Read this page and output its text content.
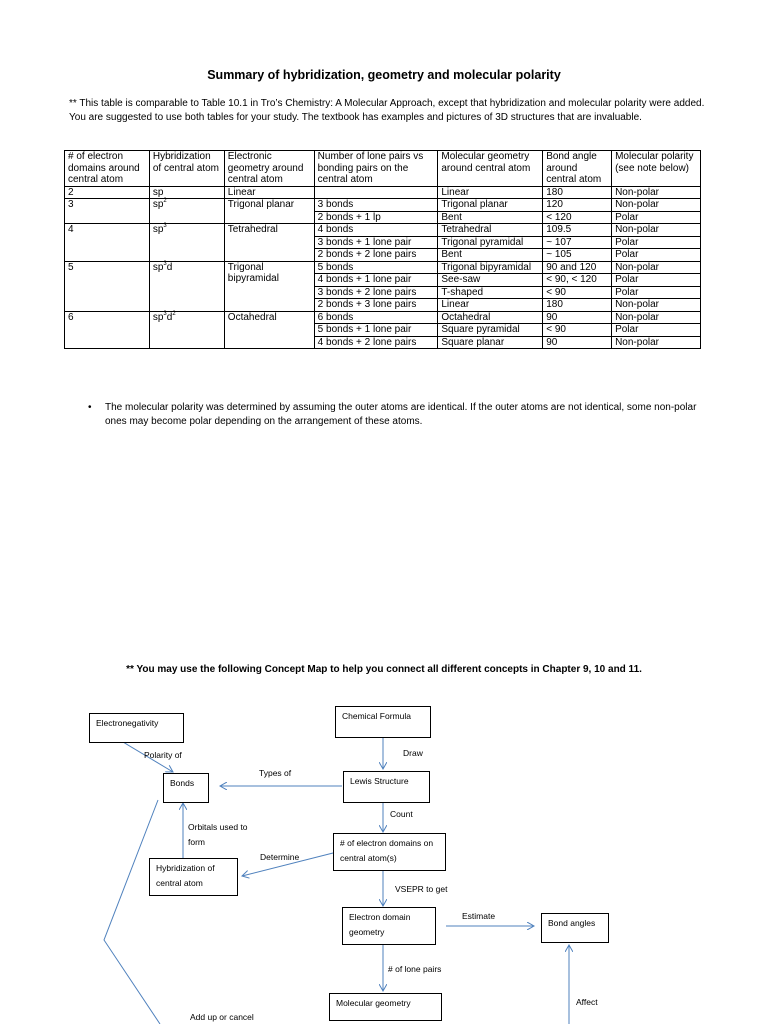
Summary of hybridization, geometry and molecular polarity
** This table is comparable to Table 10.1 in Tro’s Chemistry: A Molecular Approach, except that hybridization and molecular polarity were added. You are suggested to use both tables for your study. The textbook has examples and pictures of 3D structures that are invaluable.
# of electron domains around central atom	Hybridization of central atom	Electronic geometry around central atom	Number of lone pairs vs bonding pairs on the central atom	Molecular geometry around central atom	Bond angle around central atom	Molecular polarity (see note below)
2	sp	Linear		Linear	180	Non-polar
3	$sp^2$	Trigonal planar	3 bonds	Trigonal planar	120	Non-polar
			2 bonds + 1 lp	Bent	< 120	Polar
4	$sp^3$	Tetrahedral	4 bonds	Tetrahedral	109.5	Non-polar
			3 bonds + 1 lone pair	Trigonal pyramidal	~ 107	Polar
			2 bonds + 2 lone pairs	Bent	~ 105	Polar
5	$sp^3d$	Trigonal bipyramidal	5 bonds	Trigonal bipyramidal	90 and 120	Non-polar
			4 bonds + 1 lone pair	See-saw	< 90, < 120	Polar
			3 bonds + 2 lone pairs	T-shaped	< 90	Polar
			2 bonds + 3 lone pairs	Linear	180	Non-polar
6	$sp^3d^2$	Octahedral	6 bonds	Octahedral	90	Non-polar
			5 bonds + 1 lone pair	Square pyramidal	< 90	Polar
			4 bonds + 2 lone pairs	Square planar	90	Non-polar
• The molecular polarity was determined by assuming the outer atoms are identical. If the outer atoms are not identical, some non-polar ones may become polar depending on the arrangement of these atoms.
** You may use the following Concept Map to help you connect all different concepts in Chapter 9, 10 and 11.
Electronegativity
Chemical Formula
Bonds	Lewis Structure
# of electron domains on central atom(s)
Hybridization of central atom
Electron domain geometry
Bond angles
Molecular geometry
Polarity of	Draw
Types of
Count
Orbitals used to form
Determine
VSEPR to get
Estimate
# of lone pairs
Affect
Add up or cancel
